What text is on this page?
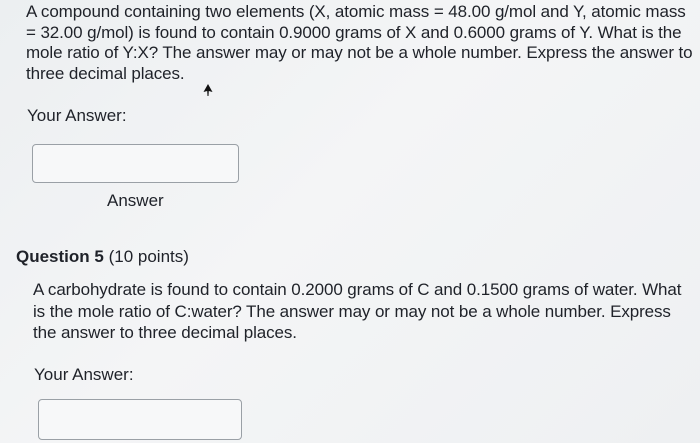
A compound containing two elements (X, atomic mass = 48.00 g/mol and Y, atomic mass = 32.00 g/mol) is found to contain 0.9000 grams of X and 0.6000 grams of Y. What is the mole ratio of Y:X? The answer may or may not be a whole number. Express the answer to three decimal places.

Your Answer:

Answer

Question 5 (10 points)

A carbohydrate is found to contain 0.2000 grams of C and 0.1500 grams of water. What is the mole ratio of C:water? The answer may or may not be a whole number. Express the answer to three decimal places.

Your Answer:
